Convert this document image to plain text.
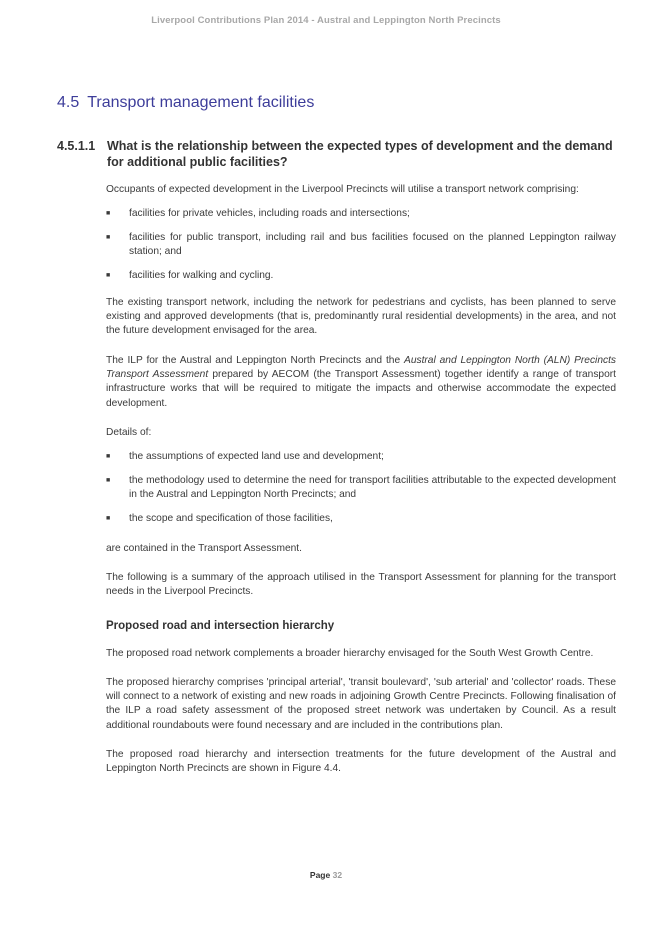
Liverpool Contributions Plan 2014 - Austral and Leppington North Precincts
4.5 Transport management facilities
4.5.1.1 What is the relationship between the expected types of development and the demand for additional public facilities?
Occupants of expected development in the Liverpool Precincts will utilise a transport network comprising:
■	facilities for private vehicles, including roads and intersections;
■	facilities for public transport, including rail and bus facilities focused on the planned Leppington railway station; and
■	facilities for walking and cycling.
The existing transport network, including the network for pedestrians and cyclists, has been planned to serve existing and approved developments (that is, predominantly rural residential developments) in the area, and not the future development envisaged for the area.
The ILP for the Austral and Leppington North Precincts and the Austral and Leppington North (ALN) Precincts Transport Assessment prepared by AECOM (the Transport Assessment) together identify a range of transport infrastructure works that will be required to mitigate the impacts and otherwise accommodate the expected development.
Details of:
■	the assumptions of expected land use and development;
■	the methodology used to determine the need for transport facilities attributable to the expected development in the Austral and Leppington North Precincts; and
■	the scope and specification of those facilities,
are contained in the Transport Assessment.
The following is a summary of the approach utilised in the Transport Assessment for planning for the transport needs in the Liverpool Precincts.
Proposed road and intersection hierarchy
The proposed road network complements a broader hierarchy envisaged for the South West Growth Centre.
The proposed hierarchy comprises 'principal arterial', 'transit boulevard', 'sub arterial' and 'collector' roads. These will connect to a network of existing and new roads in adjoining Growth Centre Precincts. Following finalisation of the ILP a road safety assessment of the proposed street network was undertaken by Council. As a result additional roundabouts were found necessary and are included in the contributions plan.
The proposed road hierarchy and intersection treatments for the future development of the Austral and Leppington North Precincts are shown in Figure 4.4.
Page 32
